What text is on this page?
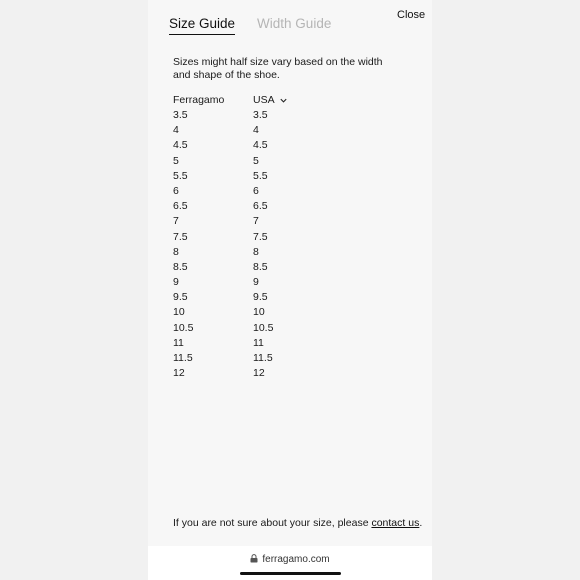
Size Guide Width Guide
Close
Sizes might half size vary based on the width and shape of the shoe.
Ferragamo	USA
3.5	3.5
4	4
4.5	4.5
5	5
5.5	5.5
6	6
6.5	6.5
7	7
7.5	7.5
8	8
8.5	8.5
9	9
9.5	9.5
10	10
10.5	10.5
11	11
11.5	11.5
12	12
If you are not sure about your size, please contact us.
ferragamo.com
